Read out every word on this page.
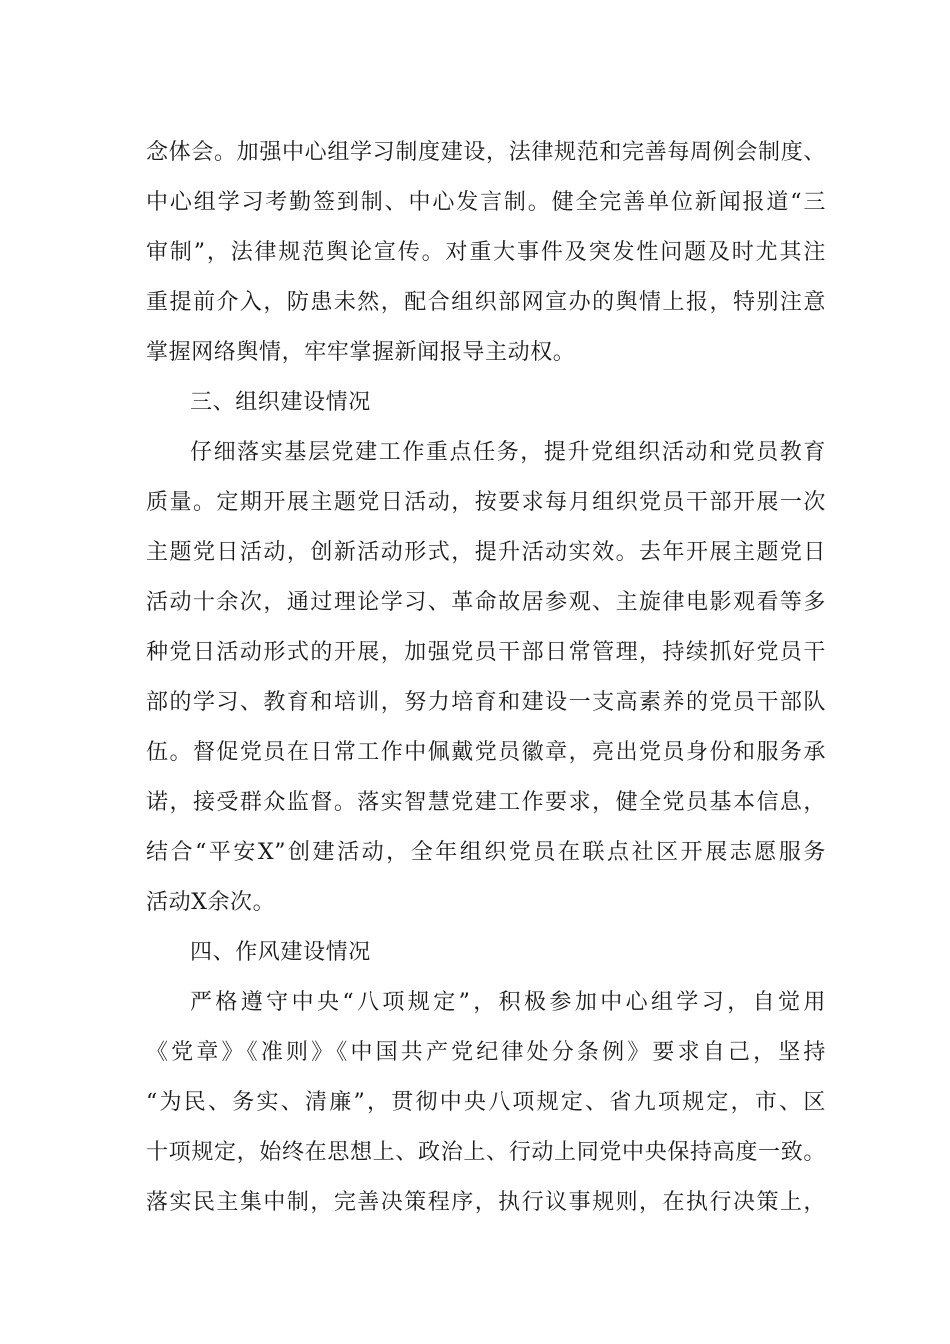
念体会。加强中心组学习制度建设，法律规范和完善每周例会制度、
中心组学习考勤签到制、中心发言制。健全完善单位新闻报道“三
审制”，法律规范舆论宣传。对重大事件及突发性问题及时尤其注
重提前介入，防患未然，配合组织部网宣办的舆情上报，特别注意
掌握网络舆情，牢牢掌握新闻报导主动权。
三、组织建设情况
仔细落实基层党建工作重点任务，提升党组织活动和党员教育
质量。定期开展主题党日活动，按要求每月组织党员干部开展一次
主题党日活动，创新活动形式，提升活动实效。去年开展主题党日
活动十余次，通过理论学习、革命故居参观、主旋律电影观看等多
种党日活动形式的开展，加强党员干部日常管理，持续抓好党员干
部的学习、教育和培训，努力培育和建设一支高素养的党员干部队
伍。督促党员在日常工作中佩戴党员徽章，亮出党员身份和服务承
诺，接受群众监督。落实智慧党建工作要求，健全党员基本信息，
结合“平安X”创建活动，全年组织党员在联点社区开展志愿服务
活动X余次。
四、作风建设情况
严格遵守中央“八项规定”，积极参加中心组学习，自觉用
《党章》《准则》《中国共产党纪律处分条例》要求自己，坚持
“为民、务实、清廉”，贯彻中央八项规定、省九项规定，市、区
十项规定，始终在思想上、政治上、行动上同党中央保持高度一致。
落实民主集中制，完善决策程序，执行议事规则，在执行决策上，
